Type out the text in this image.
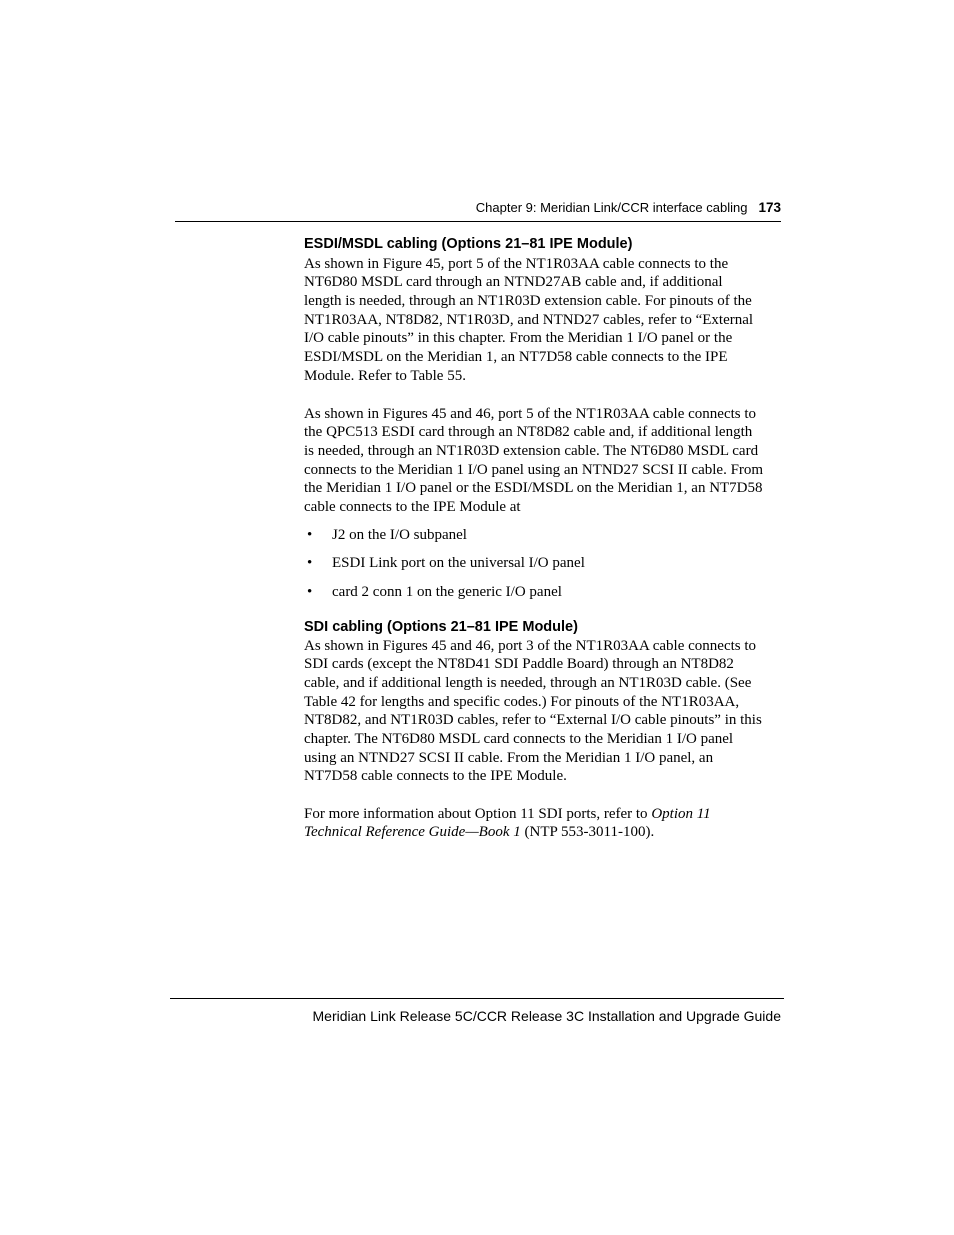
Chapter 9: Meridian Link/CCR interface cabling 173
ESDI/MSDL cabling (Options 21–81 IPE Module)
As shown in Figure 45, port 5 of the NT1R03AA cable connects to the
NT6D80 MSDL card through an NTND27AB cable and, if additional
length is needed, through an NT1R03D extension cable. For pinouts of the
NT1R03AA, NT8D82, NT1R03D, and NTND27 cables, refer to “External
I/O cable pinouts” in this chapter. From the Meridian 1 I/O panel or the
ESDI/MSDL on the Meridian 1, an NT7D58 cable connects to the IPE
Module. Refer to Table 55.
As shown in Figures 45 and 46, port 5 of the NT1R03AA cable connects to
the QPC513 ESDI card through an NT8D82 cable and, if additional length
is needed, through an NT1R03D extension cable. The NT6D80 MSDL card
connects to the Meridian 1 I/O panel using an NTND27 SCSI II cable. From
the Meridian 1 I/O panel or the ESDI/MSDL on the Meridian 1, an NT7D58
cable connects to the IPE Module at
• J2 on the I/O subpanel
• ESDI Link port on the universal I/O panel
• card 2 conn 1 on the generic I/O panel
SDI cabling (Options 21–81 IPE Module)
As shown in Figures 45 and 46, port 3 of the NT1R03AA cable connects to
SDI cards (except the NT8D41 SDI Paddle Board) through an NT8D82
cable, and if additional length is needed, through an NT1R03D cable. (See
Table 42 for lengths and specific codes.) For pinouts of the NT1R03AA,
NT8D82, and NT1R03D cables, refer to “External I/O cable pinouts” in this
chapter. The NT6D80 MSDL card connects to the Meridian 1 I/O panel
using an NTND27 SCSI II cable. From the Meridian 1 I/O panel, an
NT7D58 cable connects to the IPE Module.
For more information about Option 11 SDI ports, refer to Option 11
Technical Reference Guide—Book 1 (NTP 553-3011-100).
Meridian Link Release 5C/CCR Release 3C Installation and Upgrade Guide
